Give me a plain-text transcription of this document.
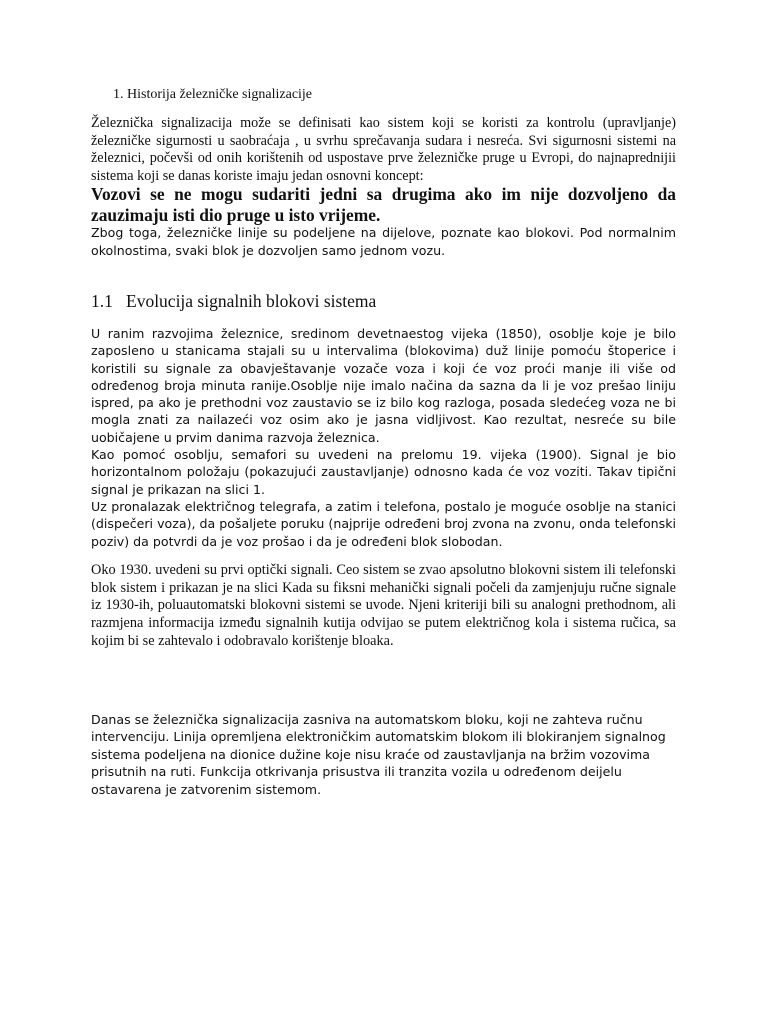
1. Historija železničke signalizacije

Železnička signalizacija može se definisati kao sistem koji se koristi za kontrolu (upravljanje) železničke sigurnosti u saobraćaja , u svrhu sprečavanja sudara i nesreća. Svi sigurnosni sistemi na železnici, počevši od onih korištenih od uspostave prve železničke pruge u Evropi, do najnaprednijii sistema koji se danas koriste imaju jedan osnovni koncept:

Vozovi se ne mogu sudariti jedni sa drugima ako im nije dozvoljeno da zauzimaju isti dio pruge u isto vrijeme.

Zbog toga, železničke linije su podeljene na dijelove, poznate kao blokovi. Pod normalnim okolnostima, svaki blok je dozvoljen samo jednom vozu.

1.1 Evolucija signalnih blokovi sistema
U ranim razvojima železnice, sredinom devetnaestog vijeka (1850), osoblje koje je bilo zaposleno u stanicama stajali su u intervalima (blokovima) duž linije pomoću štoperice i koristili su signale za obavještavanje vozače voza i koji će voz proći manje ili više od određenog broja minuta ranije.Osoblje nije imalo načina da sazna da li je voz prešao liniju ispred, pa ako je prethodni voz zaustavio se iz bilo kog razloga, posada sledećeg voza ne bi mogla znati za nailazeći voz osim ako je jasna vidljivost. Kao rezultat, nesreće su bile uobičajene u prvim danima razvoja železnica.
Kao pomoć osoblju, semafori su uvedeni na prelomu 19. vijeka (1900). Signal je bio horizontalnom položaju (pokazujući zaustavljanje) odnosno kada će voz voziti. Takav tipični signal je prikazan na slici 1.
Uz pronalazak električnog telegrafa, a zatim i telefona, postalo je moguće osoblje na stanici (dispečeri voza), da pošaljete poruku (najprije određeni broj zvona na zvonu, onda telefonski poziv) da potvrdi da je voz prošao i da je određeni blok slobodan.

Oko 1930. uvedeni su prvi optički signali. Ceo sistem se zvao apsolutno blokovni sistem ili telefonski blok sistem i prikazan je na slici Kada su fiksni mehanički signali počeli da zamjenjuju ručne signale iz 1930-ih, poluautomatski blokovni sistemi se uvode. Njeni kriteriji bili su analogni prethodnom, ali razmjena informacija između signalnih kutija odvijao se putem električnog kola i sistema ručica, sa kojim bi se zahtevalo i odobravalo korištenje bloaka.

Danas se železnička signalizacija zasniva na automatskom bloku, koji ne zahteva ručnu intervenciju. Linija opremljena elektroničkim automatskim blokom ili blokiranjem signalnog sistema podeljena na dionice dužine koje nisu kraće od zaustavljanja na bržim vozovima prisutnih na ruti. Funkcija otkrivanja prisustva ili tranzita vozila u određenom deijelu ostavarena je zatvorenim sistemom.
